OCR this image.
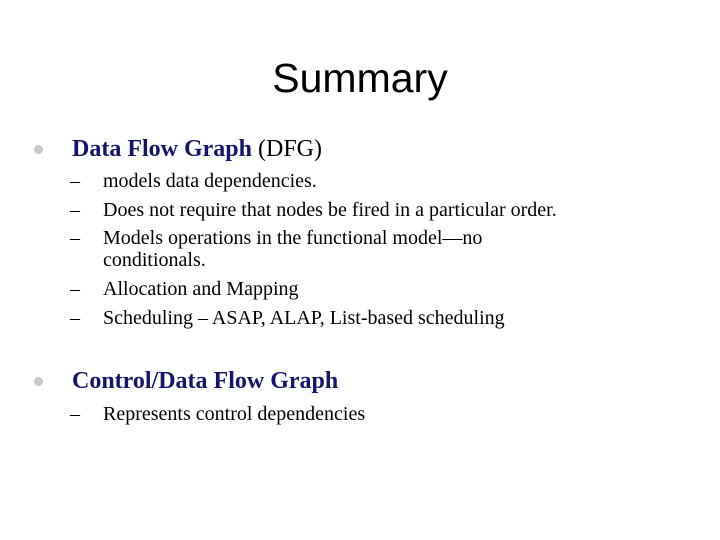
Summary
Data Flow Graph (DFG)
– models data dependencies.
– Does not require that nodes be fired in a particular order.
– Models operations in the functional model—no
conditionals.
– Allocation and Mapping
– Scheduling – ASAP, ALAP, List-based scheduling
Control/Data Flow Graph
– Represents control dependencies
